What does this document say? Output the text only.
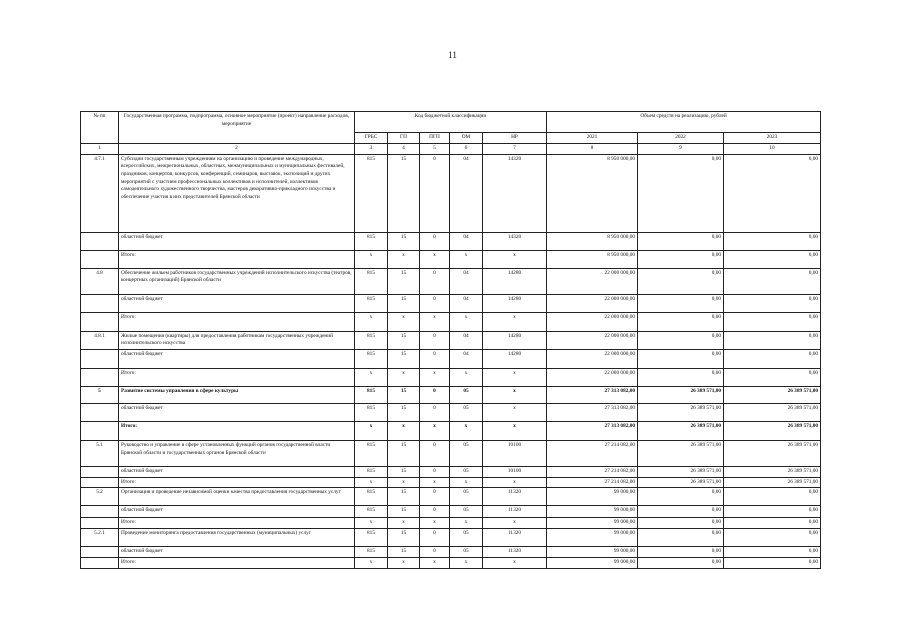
11
№ пп	Государственная программа, подпрограмма, основное мероприятие (проект) направление расходов, мероприятие	Код бюджетной классификации					Объем средств на реализацию, рублей		
		ГРБС	ГП	ПГП	ОМ	НР	2021	2022	2023
1	2	3	4	5	6	7	8	9	10
4.7.1	Субсидии государственным учреждениям на организацию и проведение международных, всероссийских, межрегиональных, областных, межмуниципальных и муниципальных фестивалей, праздников, концертов, конкурсов, конференций, семинаров, выставок, экспозиций и других мероприятий с участием профессиональных коллективов и исполнителей, коллективов самодеятельного художественного творчества, мастеров декоративно-прикладного искусства и обеспечение участия в них представителей Брянской области	815	15	0	04	14320	8 950 000,00	0,00	0,00
	областной бюджет	815	15	0	04	14320	8 950 000,00	0,00	0,00
	Итого:	x	x	x	x	x	8 950 000,00	0,00	0,00
4.8	Обеспечение жильем работников государственных учреждений исполнительского искусства (театров, концертных организаций) Брянской области	815	15	0	04	14280	22 000 000,00	0,00	0,00
	областной бюджет	815	15	0	04	14280	22 000 000,00	0,00	0,00
	Итого:	x	x	x	x	x	22 000 000,00	0,00	0,00
4.8.1	Жилые помещения (квартиры) для предоставления работникам государственных учреждений исполнительского искусства	815	15	0	04	14280	22 000 000,00	0,00	0,00
	областной бюджет	815	15	0	04	14280	22 000 000,00	0,00	0,00
	Итого:	x	x	x	x	x	22 000 000,00	0,00	0,00
5	Развитие системы управления в сфере культуры	815	15	0	05	x	27 313 082,00	26 389 571,00	26 389 571,00
	областной бюджет	815	15	0	05	x	27 313 082,00	26 389 571,00	26 389 571,00
	Итого:	x	x	x	x	x	27 313 082,00	26 389 571,00	26 389 571,00
5.1	Руководство и управление в сфере установленных функций органов государственной власти Брянской области и государственных органов Брянской области	815	15	0	05	10100	27 214 082,00	26 389 571,00	26 389 571,00
	областной бюджет	815	15	0	05	10100	27 214 082,00	26 389 571,00	26 389 571,00
	Итого:	x	x	x	x	x	27 214 082,00	26 389 571,00	26 389 571,00
5.2	Организация и проведение независимой оценки качества предоставления государственных услуг	815	15	0	05	11320	99 000,00	0,00	0,00
	областной бюджет	815	15	0	05	11320	99 000,00	0,00	0,00
	Итого:	x	x	x	x	x	99 000,00	0,00	0,00
5.2.1	Проведение мониторинга предоставления государственных (муниципальных) услуг	815	15	0	05	11320	99 000,00	0,00	0,00
	областной бюджет	815	15	0	05	11320	99 000,00	0,00	0,00
	Итого:	x	x	x	x	x	99 000,00	0,00	0,00
